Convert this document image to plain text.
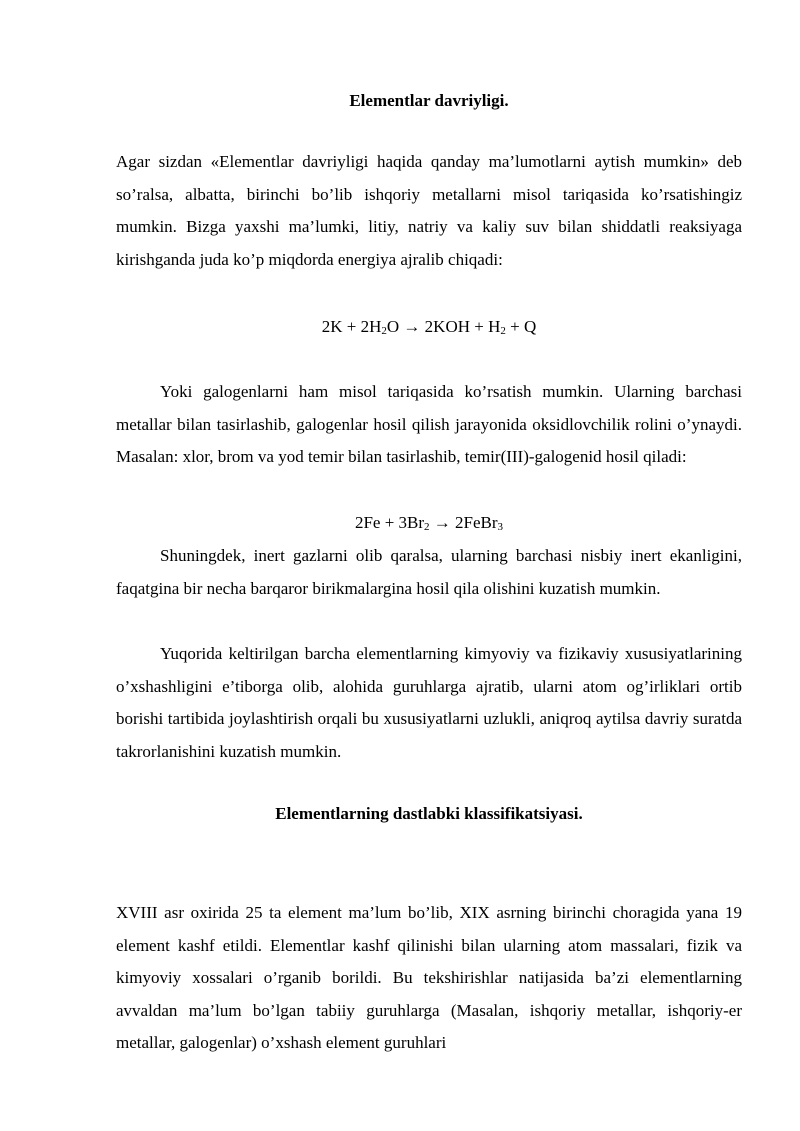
Elementlar davriyligi.

Agar sizdan «Elementlar davriyligi haqida qanday ma’lumotlarni aytish mumkin» deb so’ralsa, albatta, birinchi bo’lib ishqoriy metallarni misol tariqasida ko’rsatishingiz mumkin. Bizga yaxshi ma’lumki, litiy, natriy va kaliy suv bilan shiddatli reaksiyaga kirishganda juda ko’p miqdorda energiya ajralib chiqadi:

$2K + 2H_2O \to 2KOH + H_2 + Q$

Yoki galogenlarni ham misol tariqasida ko’rsatish mumkin. Ularning barchasi metallar bilan tasirlashib, galogenlar hosil qilish jarayonida oksidlovchilik rolini o’ynaydi. Masalan: xlor, brom va yod temir bilan tasirlashib, temir(III)-galogenid hosil qiladi:

$2Fe + 3Br_2$ → 2FeBr$_3$

Shuningdek, inert gazlarni olib qaralsa, ularning barchasi nisbiy inert ekanligini, faqatgina bir necha barqaror birikmalargina hosil qila olishini kuzatish mumkin.

Yuqorida keltirilgan barcha elementlarning kimyoviy va fizikaviy xususiyatlarining o’xshashligini e’tiborga olib, alohida guruhlarga ajratib, ularni atom og’irliklari ortib borishi tartibida joylashtirish orqali bu xususiyatlarni uzlukli, aniqroq aytilsa davriy suratda takrorlanishini kuzatish mumkin.

Elementlarning dastlabki klassifikatsiyasi.

XVIII asr oxirida 25 ta element ma’lum bo’lib, XIX asrning birinchi choragida yana 19 element kashf etildi. Elementlar kashf qilinishi bilan ularning atom massalari, fizik va kimyoviy xossalari o’rganib borildi. Bu tekshirishlar natijasida ba’zi elementlarning avvaldan ma’lum bo’lgan tabiiy guruhlarga (Masalan, ishqoriy metallar, ishqoriy-er metallar, galogenlar) o’xshash element guruhlari
